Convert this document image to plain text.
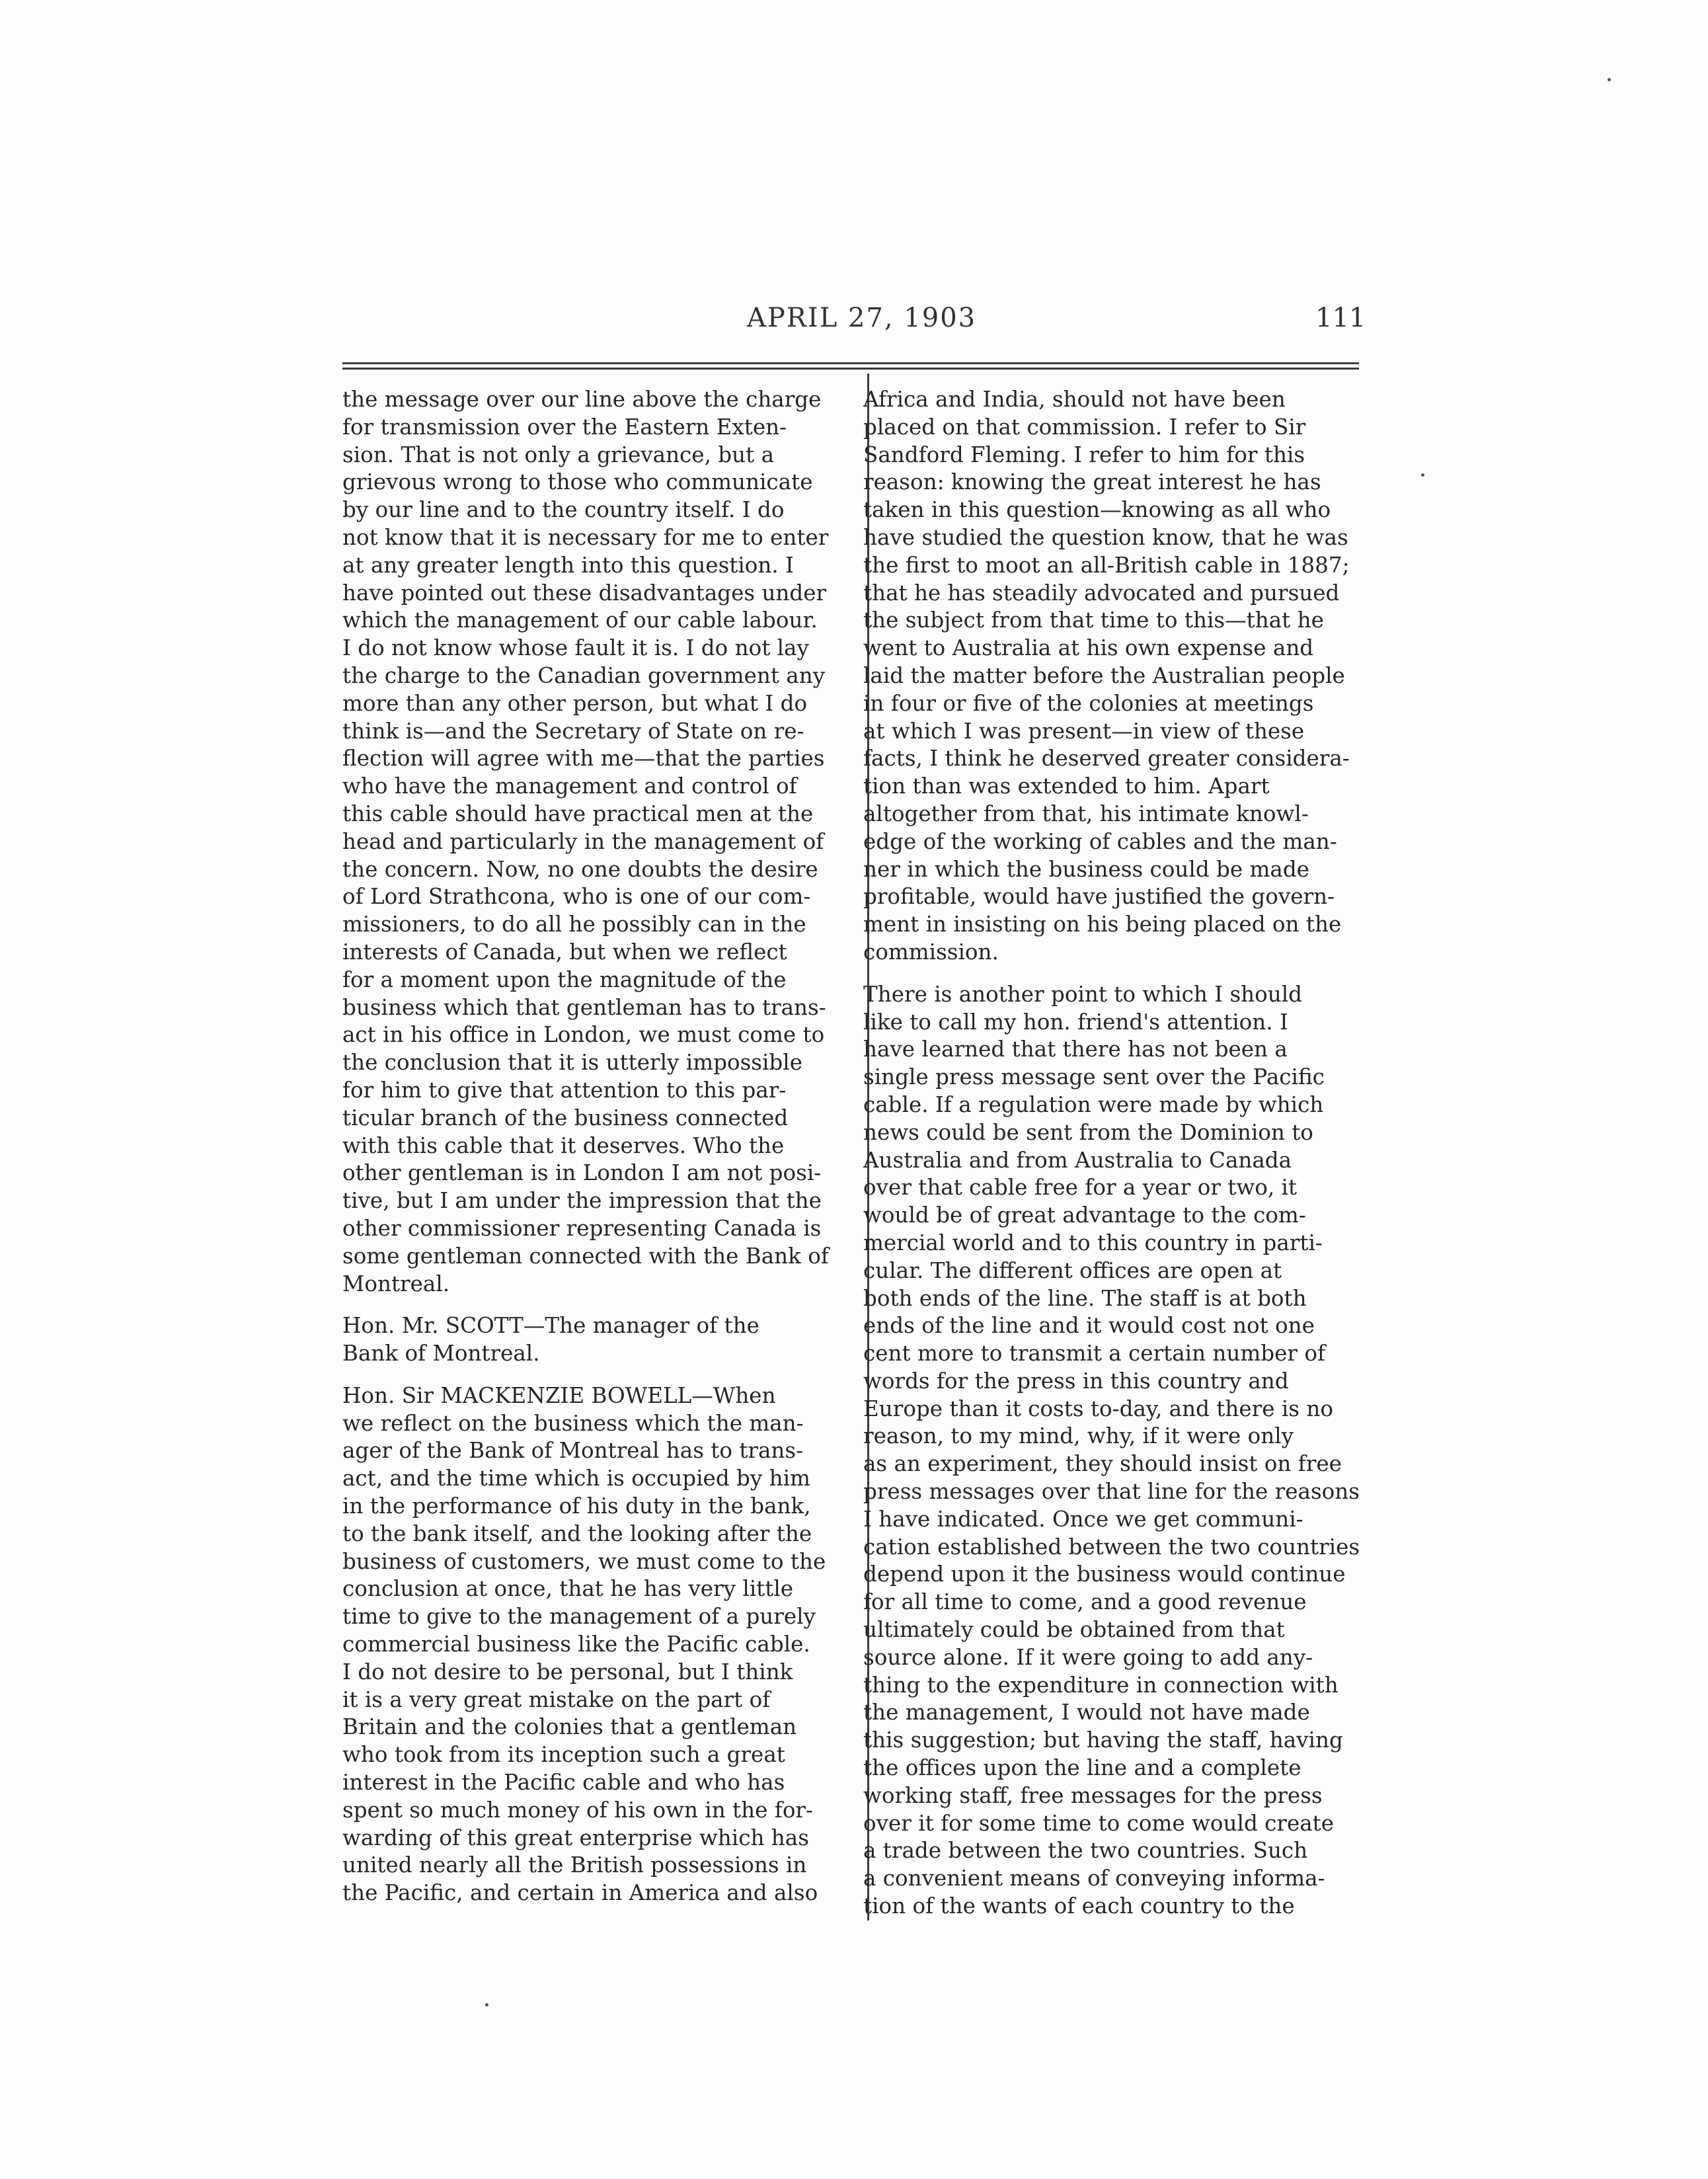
APRIL 27, 1903	111
the message over our line above the charge
for transmission over the Eastern Exten-
sion. That is not only a grievance, but a
grievous wrong to those who communicate
by our line and to the country itself. I do
not know that it is necessary for me to enter
at any greater length into this question. I
have pointed out these disadvantages under
which the management of our cable labour.
I do not know whose fault it is. I do not lay
the charge to the Canadian government any
more than any other person, but what I do
think is—and the Secretary of State on re-
flection will agree with me—that the parties
who have the management and control of
this cable should have practical men at the
head and particularly in the management of
the concern. Now, no one doubts the desire
of Lord Strathcona, who is one of our com-
missioners, to do all he possibly can in the
interests of Canada, but when we reflect
for a moment upon the magnitude of the
business which that gentleman has to trans-
act in his office in London, we must come to
the conclusion that it is utterly impossible
for him to give that attention to this par-
ticular branch of the business connected
with this cable that it deserves. Who the
other gentleman is in London I am not posi-
tive, but I am under the impression that the
other commissioner representing Canada is
some gentleman connected with the Bank of
Montreal.
Hon. Mr. SCOTT—The manager of the
Bank of Montreal.
Hon. Sir MACKENZIE BOWELL—When
we reflect on the business which the man-
ager of the Bank of Montreal has to trans-
act, and the time which is occupied by him
in the performance of his duty in the bank,
to the bank itself, and the looking after the
business of customers, we must come to the
conclusion at once, that he has very little
time to give to the management of a purely
commercial business like the Pacific cable.
I do not desire to be personal, but I think
it is a very great mistake on the part of
Britain and the colonies that a gentleman
who took from its inception such a great
interest in the Pacific cable and who has
spent so much money of his own in the for-
warding of this great enterprise which has
united nearly all the British possessions in
the Pacific, and certain in America and also
Africa and India, should not have been
placed on that commission. I refer to Sir
Sandford Fleming. I refer to him for this
reason: knowing the great interest he has
taken in this question—knowing as all who
have studied the question know, that he was
the first to moot an all-British cable in 1887;
that he has steadily advocated and pursued
the subject from that time to this—that he
went to Australia at his own expense and
laid the matter before the Australian people
in four or five of the colonies at meetings
at which I was present—in view of these
facts, I think he deserved greater considera-
tion than was extended to him. Apart
altogether from that, his intimate knowl-
edge of the working of cables and the man-
ner in which the business could be made
profitable, would have justified the govern-
ment in insisting on his being placed on the
commission.
There is another point to which I should
like to call my hon. friend's attention. I
have learned that there has not been a
single press message sent over the Pacific
cable. If a regulation were made by which
news could be sent from the Dominion to
Australia and from Australia to Canada
over that cable free for a year or two, it
would be of great advantage to the com-
mercial world and to this country in parti-
cular. The different offices are open at
both ends of the line. The staff is at both
ends of the line and it would cost not one
cent more to transmit a certain number of
words for the press in this country and
Europe than it costs to-day, and there is no
reason, to my mind, why, if it were only
as an experiment, they should insist on free
press messages over that line for the reasons
I have indicated. Once we get communi-
cation established between the two countries
depend upon it the business would continue
for all time to come, and a good revenue
ultimately could be obtained from that
source alone. If it were going to add any-
thing to the expenditure in connection with
the management, I would not have made
this suggestion; but having the staff, having
the offices upon the line and a complete
working staff, free messages for the press
over it for some time to come would create
a trade between the two countries. Such
a convenient means of conveying informa-
tion of the wants of each country to the
